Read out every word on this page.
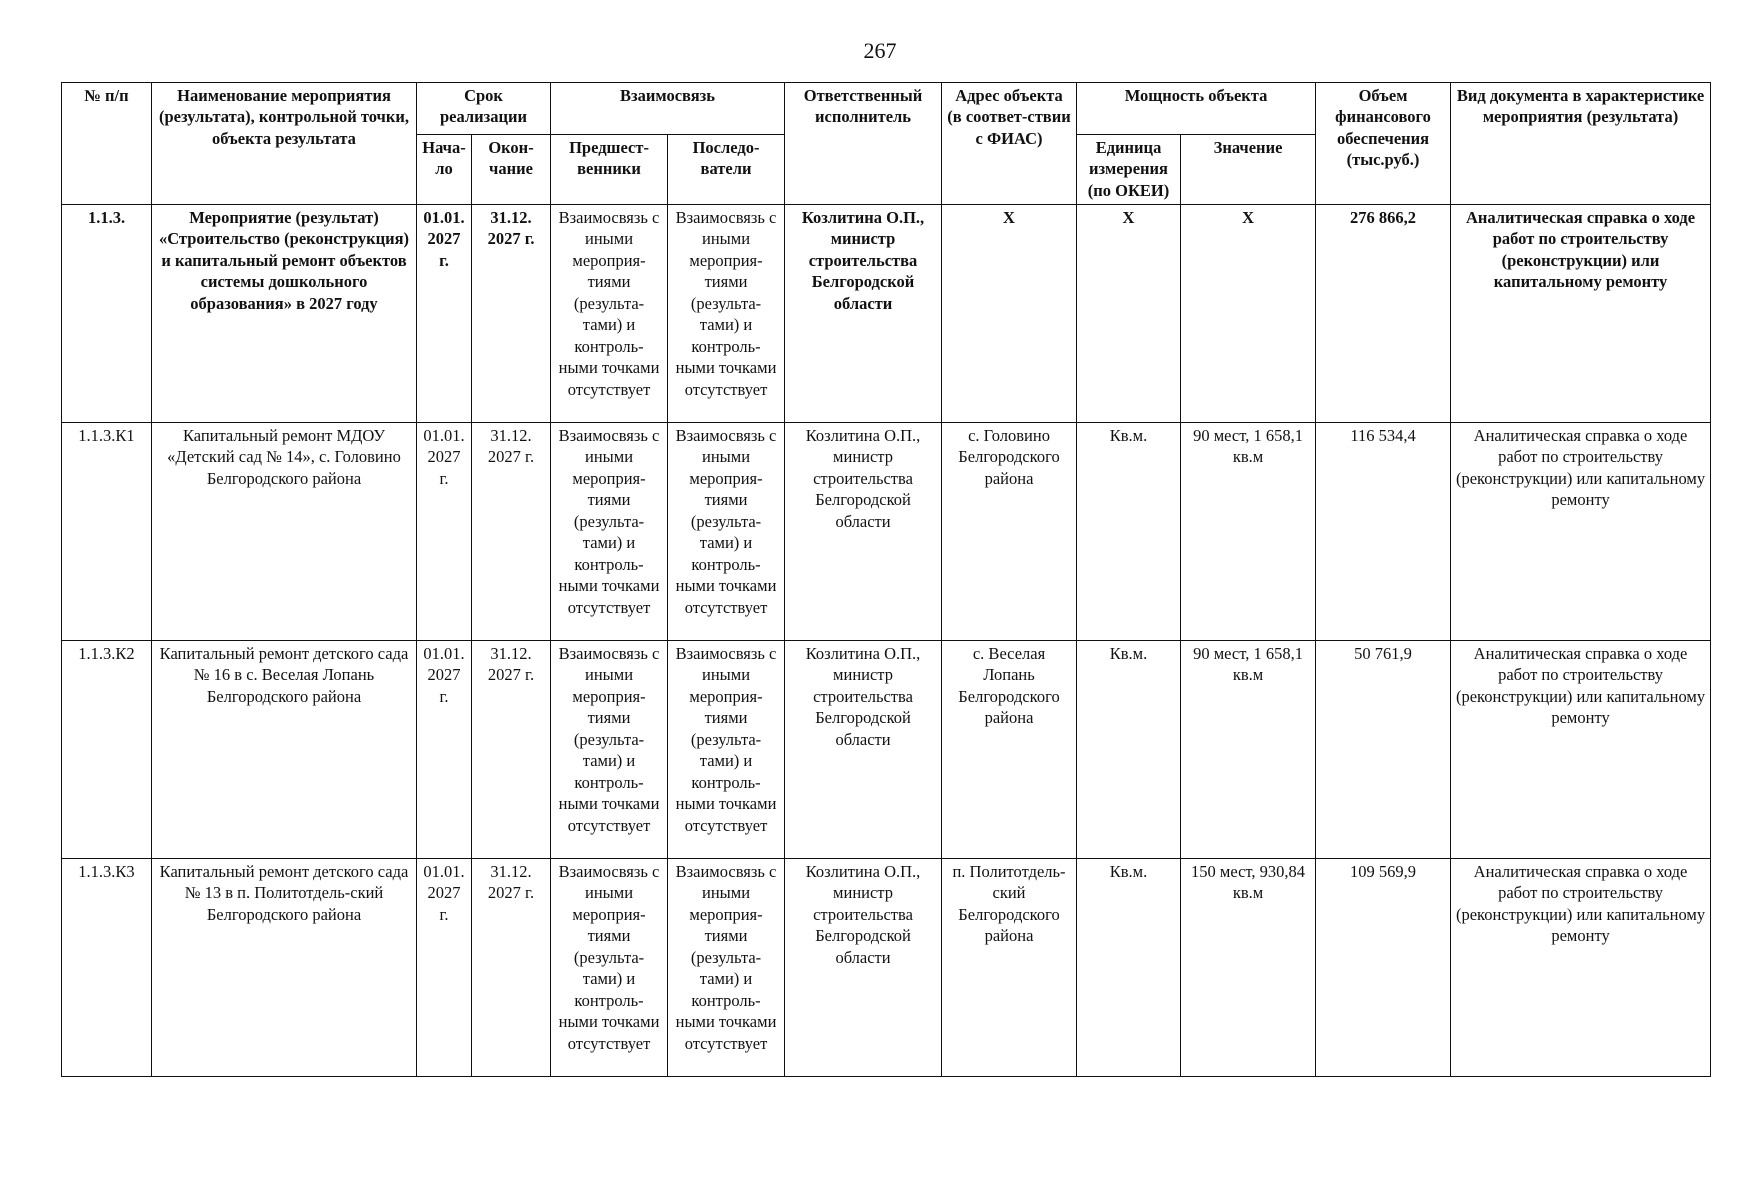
267
№ п/п	Наименование мероприятия (результата), контрольной точки, объекта результата	Срок реализации		Взаимосвязь		Ответственный исполнитель	Адрес объекта (в соответ-ствии с ФИАС)	Мощность объекта		Объем финансового обеспечения (тыс.руб.)	Вид документа в характеристике мероприятия (результата)
		Нача-ло	Окон-чание	Предшест-венники	Последо-ватели			Единица измерения (по ОКЕИ)	Значение		
1.1.3.	Мероприятие (результат) «Строительство (реконструкция) и капитальный ремонт объектов системы дошкольного образования» в 2027 году	01.01. 2027 г.	31.12. 2027 г.	Взаимосвязь с иными мероприя-тиями (результа-тами) и контроль-ными точками отсутствует	Взаимосвязь с иными мероприя-тиями (результа-тами) и контроль-ными точками отсутствует	Козлитина О.П., министр строительства Белгородской области	Х	Х	Х	276 866,2	Аналитическая справка о ходе работ по строительству (реконструкции) или капитальному ремонту
1.1.3.К1	Капитальный ремонт МДОУ «Детский сад № 14», с. Головино Белгородского района	01.01. 2027 г.	31.12. 2027 г.	Взаимосвязь с иными мероприя-тиями (результа-тами) и контроль-ными точками отсутствует	Взаимосвязь с иными мероприя-тиями (результа-тами) и контроль-ными точками отсутствует	Козлитина О.П., министр строительства Белгородской области	с. Головино Белгородского района	Кв.м.	90 мест, 1 658,1 кв.м	116 534,4	Аналитическая справка о ходе работ по строительству (реконструкции) или капитальному ремонту
1.1.3.К2	Капитальный ремонт детского сада № 16 в с. Веселая Лопань Белгородского района	01.01. 2027 г.	31.12. 2027 г.	Взаимосвязь с иными мероприя-тиями (результа-тами) и контроль-ными точками отсутствует	Взаимосвязь с иными мероприя-тиями (результа-тами) и контроль-ными точками отсутствует	Козлитина О.П., министр строительства Белгородской области	с. Веселая Лопань Белгородского района	Кв.м.	90 мест, 1 658,1 кв.м	50 761,9	Аналитическая справка о ходе работ по строительству (реконструкции) или капитальному ремонту
1.1.3.К3	Капитальный ремонт детского сада № 13 в п. Политотдель-ский Белгородского района	01.01. 2027 г.	31.12. 2027 г.	Взаимосвязь с иными мероприя-тиями (результа-тами) и контроль-ными точками отсутствует	Взаимосвязь с иными мероприя-тиями (результа-тами) и контроль-ными точками отсутствует	Козлитина О.П., министр строительства Белгородской области	п. Политотдель-ский Белгородского района	Кв.м.	150 мест, 930,84 кв.м	109 569,9	Аналитическая справка о ходе работ по строительству (реконструкции) или капитальному ремонту
